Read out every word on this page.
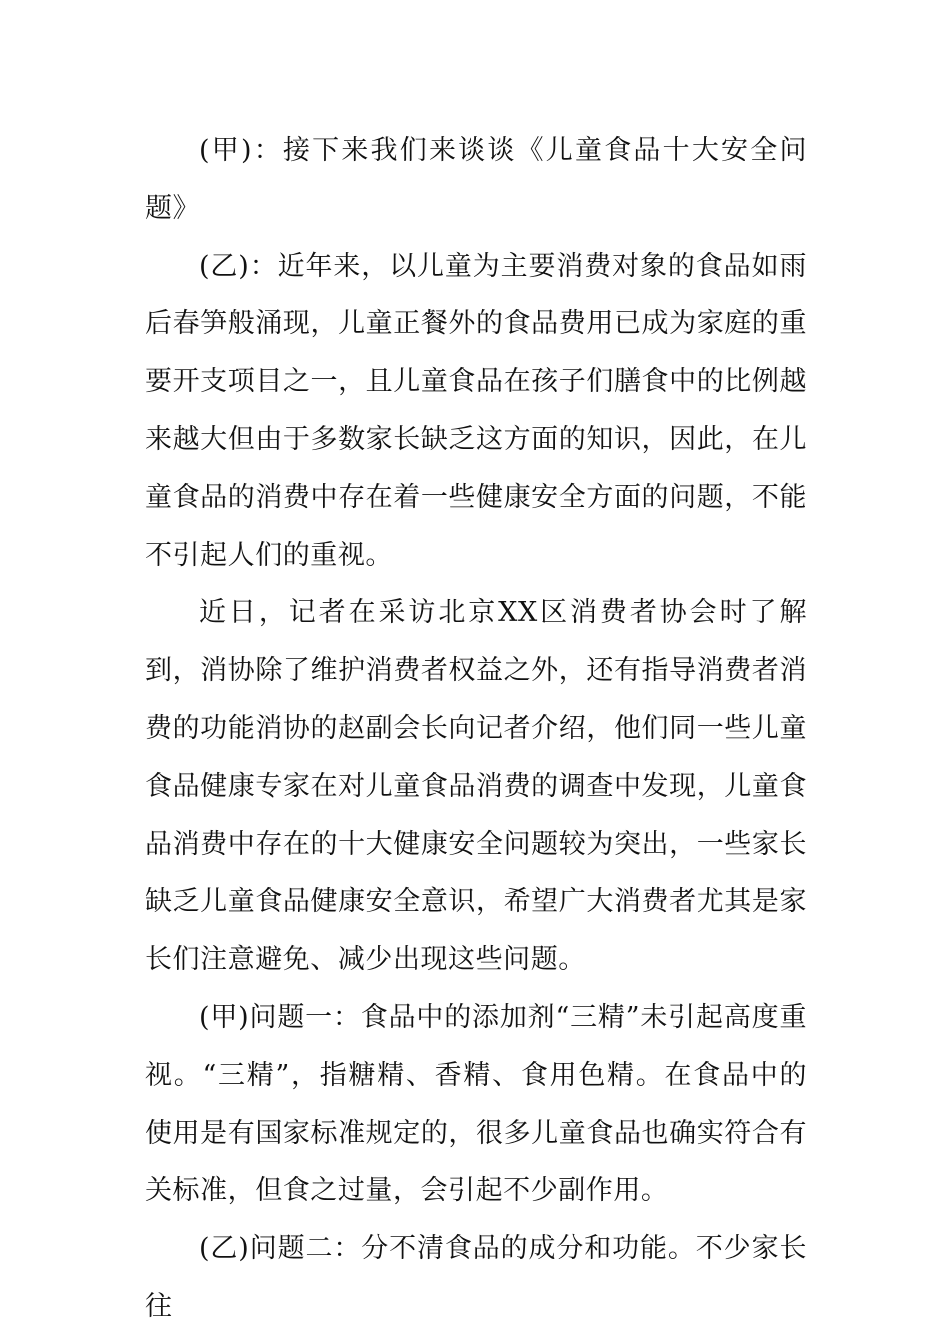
(甲)：接下来我们来谈谈《儿童食品十大安全问题》

(乙)：近年来，以儿童为主要消费对象的食品如雨后春笋般涌现，儿童正餐外的食品费用已成为家庭的重要开支项目之一，且儿童食品在孩子们膳食中的比例越来越大但由于多数家长缺乏这方面的知识，因此，在儿童食品的消费中存在着一些健康安全方面的问题，不能不引起人们的重视。

近日，记者在采访北京XX区消费者协会时了解到，消协除了维护消费者权益之外，还有指导消费者消费的功能消协的赵副会长向记者介绍，他们同一些儿童食品健康专家在对儿童食品消费的调查中发现，儿童食品消费中存在的十大健康安全问题较为突出，一些家长缺乏儿童食品健康安全意识，希望广大消费者尤其是家长们注意避免、减少出现这些问题。

(甲)问题一：食品中的添加剂“三精”未引起高度重视。“三精”，指糖精、香精、食用色精。在食品中的使用是有国家标准规定的，很多儿童食品也确实符合有关标准，但食之过量，会引起不少副作用。

(乙)问题二：分不清食品的成分和功能。不少家长往
